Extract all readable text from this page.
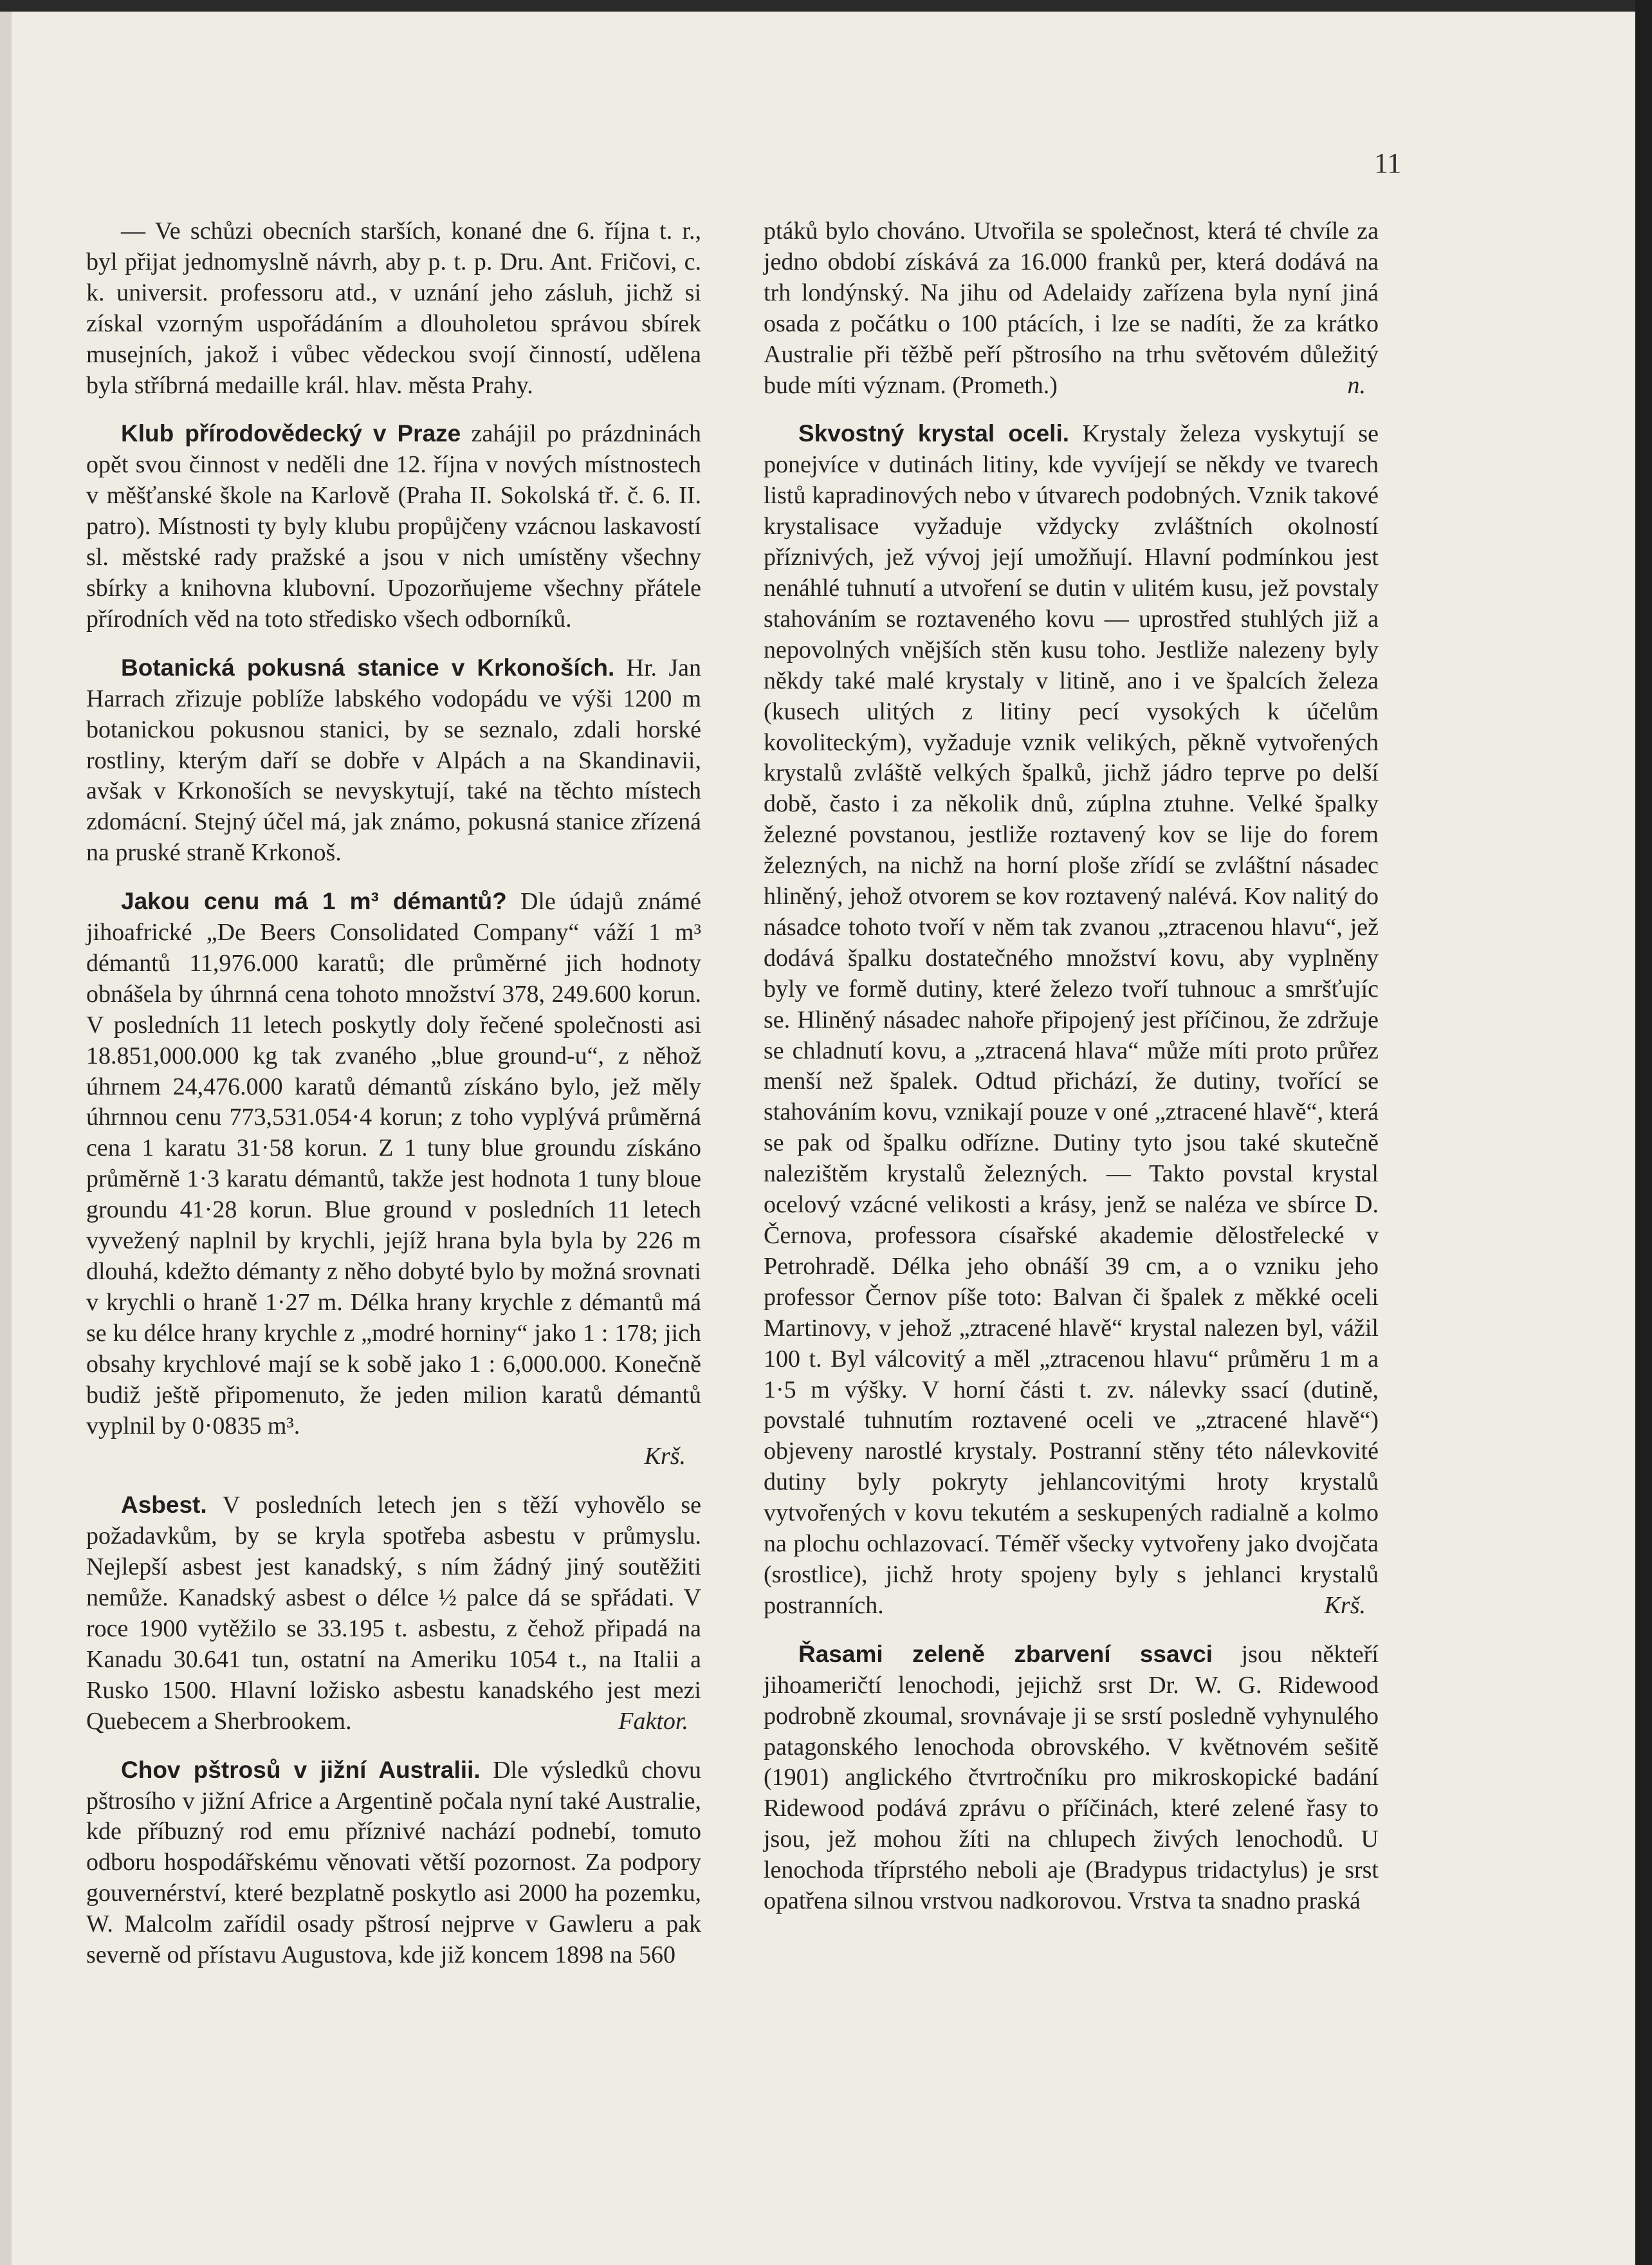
11

— Ve schůzi obecních starších, konané dne 6. října t. r., byl přijat jednomyslně návrh, aby p. t. p. Dru. Ant. Fričovi, c. k. universit. professoru atd., v uznání jeho zásluh, jichž si získal vzorným uspořádáním a dlouholetou správou sbírek musejních, jakož i vůbec vědeckou svojí činností, udělena byla stříbrná medaille král. hlav. města Prahy.

Klub přírodovědecký v Praze zahájil po prázdninách opět svou činnost v neděli dne 12. října v nových místnostech v měšťanské škole na Karlově (Praha II. Sokolská tř. č. 6. II. patro). Místnosti ty byly klubu propůjčeny vzácnou laskavostí sl. městské rady pražské a jsou v nich umístěny všechny sbírky a knihovna klubovní. Upozorňujeme všechny přátele přírodních věd na toto středisko všech odborníků.

Botanická pokusná stanice v Krkonoších. Hr. Jan Harrach zřizuje poblíže labského vodopádu ve výši 1200 m botanickou pokusnou stanici, by se seznalo, zdali horské rostliny, kterým daří se dobře v Alpách a na Skandinavii, avšak v Krkonoších se nevyskytují, také na těchto místech zdomácní. Stejný účel má, jak známo, pokusná stanice zřízená na pruské straně Krkonoš.

Jakou cenu má 1 m³ démantů? Dle údajů známé jihoafrické „De Beers Consolidated Company“ váží 1 m³ démantů 11,976.000 karatů; dle průměrné jich hodnoty obnášela by úhrnná cena tohoto množství 378, 249.600 korun. V posledních 11 letech poskytly doly řečené společnosti asi 18.851,000.000 kg tak zvaného „blue ground-u“, z něhož úhrnem 24,476.000 karatů démantů získáno bylo, jež měly úhrnnou cenu 773,531.054·4 korun; z toho vyplývá průměrná cena 1 karatu 31·58 korun. Z 1 tuny blue groundu získáno průměrně 1·3 karatu démantů, takže jest hodnota 1 tuny bloue groundu 41·28 korun. Blue ground v posledních 11 letech vyvežený naplnil by krychli, jejíž hrana byla byla by 226 m dlouhá, kdežto démanty z něho dobyté bylo by možná srovnati v krychli o hraně 1·27 m. Délka hrany krychle z démantů má se ku délce hrany krychle z „modré horniny“ jako 1 : 178; jich obsahy krychlové mají se k sobě jako 1 : 6,000.000. Konečně budiž ještě připomenuto, že jeden milion karatů démantů vyplnil by 0·0835 m³.
Krš.

Asbest. V posledních letech jen s těží vyhovělo se požadavkům, by se kryla spotřeba asbestu v průmyslu. Nejlepší asbest jest kanadský, s ním žádný jiný soutěžiti nemůže. Kanadský asbest o délce ½ palce dá se spřádati. V roce 1900 vytěžilo se 33.195 t. asbestu, z čehož připadá na Kanadu 30.641 tun, ostatní na Ameriku 1054 t., na Italii a Rusko 1500. Hlavní ložisko asbestu kanadského jest mezi Quebecem a Sherbrookem.	Faktor.

Chov pštrosů v jižní Australii. Dle výsledků chovu pštrosího v jižní Africe a Argentině počala nyní také Australie, kde příbuzný rod emu příznivé nachází podnebí, tomuto odboru hospodářskému věnovati větší pozornost. Za podpory gouvernérství, které bezplatně poskytlo asi 2000 ha pozemku, W. Malcolm zařídil osady pštrosí nejprve v Gawleru a pak severně od přístavu Augustova, kde již koncem 1898 na 560

ptáků bylo chováno. Utvořila se společnost, která té chvíle za jedno období získává za 16.000 franků per, která dodává na trh londýnský. Na jihu od Adelaidy zařízena byla nyní jiná osada z počátku o 100 ptácích, i lze se nadíti, že za krátko Australie při těžbě peří pštrosího na trhu světovém důležitý bude míti význam. (Prometh.)	n.

Skvostný krystal oceli. Krystaly železa vyskytují se ponejvíce v dutinách litiny, kde vyvíjejí se někdy ve tvarech listů kapradinových nebo v útvarech podobných. Vznik takové krystalisace vyžaduje vždycky zvláštních okolností příznivých, jež vývoj její umožňují. Hlavní podmínkou jest nenáhlé tuhnutí a utvoření se dutin v ulitém kusu, jež povstaly stahováním se roztaveného kovu — uprostřed stuhlých již a nepovolných vnějších stěn kusu toho. Jestliže nalezeny byly někdy také malé krystaly v litině, ano i ve špalcích železa (kusech ulitých z litiny pecí vysokých k účelům kovoliteckým), vyžaduje vznik velikých, pěkně vytvořených krystalů zvláště velkých špalků, jichž jádro teprve po delší době, často i za několik dnů, zúplna ztuhne. Velké špalky železné povstanou, jestliže roztavený kov se lije do forem železných, na nichž na horní ploše zřídí se zvláštní násadec hliněný, jehož otvorem se kov roztavený nalévá. Kov nalitý do násadce tohoto tvoří v něm tak zvanou „ztracenou hlavu“, jež dodává špalku dostatečného množství kovu, aby vyplněny byly ve formě dutiny, které železo tvoří tuhnouc a smršťujíc se. Hliněný násadec nahoře připojený jest příčinou, že zdržuje se chladnutí kovu, a „ztracená hlava“ může míti proto průřez menší než špalek. Odtud přichází, že dutiny, tvořící se stahováním kovu, vznikají pouze v oné „ztracené hlavě“, která se pak od špalku odřízne. Dutiny tyto jsou také skutečně nalezištěm krystalů železných. — Takto povstal krystal ocelový vzácné velikosti a krásy, jenž se naléza ve sbírce D. Černova, professora císařské akademie dělostřelecké v Petrohradě. Délka jeho obnáší 39 cm, a o vzniku jeho professor Černov píše toto: Balvan či špalek z měkké oceli Martinovy, v jehož „ztracené hlavě“ krystal nalezen byl, vážil 100 t. Byl válcovitý a měl „ztracenou hlavu“ průměru 1 m a 1·5 m výšky. V horní části t. zv. nálevky ssací (dutině, povstalé tuhnutím roztavené oceli ve „ztracené hlavě“) objeveny narostlé krystaly. Postranní stěny této nálevkovité dutiny byly pokryty jehlancovitými hroty krystalů vytvořených v kovu tekutém a seskupených radialně a kolmo na plochu ochlazovací. Téměř všecky vytvořeny jako dvojčata (srostlice), jichž hroty spojeny byly s jehlanci krystalů postranních.	Krš.

Řasami zeleně zbarvení ssavci jsou někteří jihoameričtí lenochodi, jejichž srst Dr. W. G. Ridewood podrobně zkoumal, srovnávaje ji se srstí posledně vyhynulého patagonského lenochoda obrovského. V květnovém sešitě (1901) anglického čtvrtročníku pro mikroskopické badání Ridewood podává zprávu o příčinách, které zelené řasy to jsou, jež mohou žíti na chlupech živých lenochodů. U lenochoda tříprstého neboli aje (Bradypus tridactylus) je srst opatřena silnou vrstvou nadkorovou. Vrstva ta snadno praská
